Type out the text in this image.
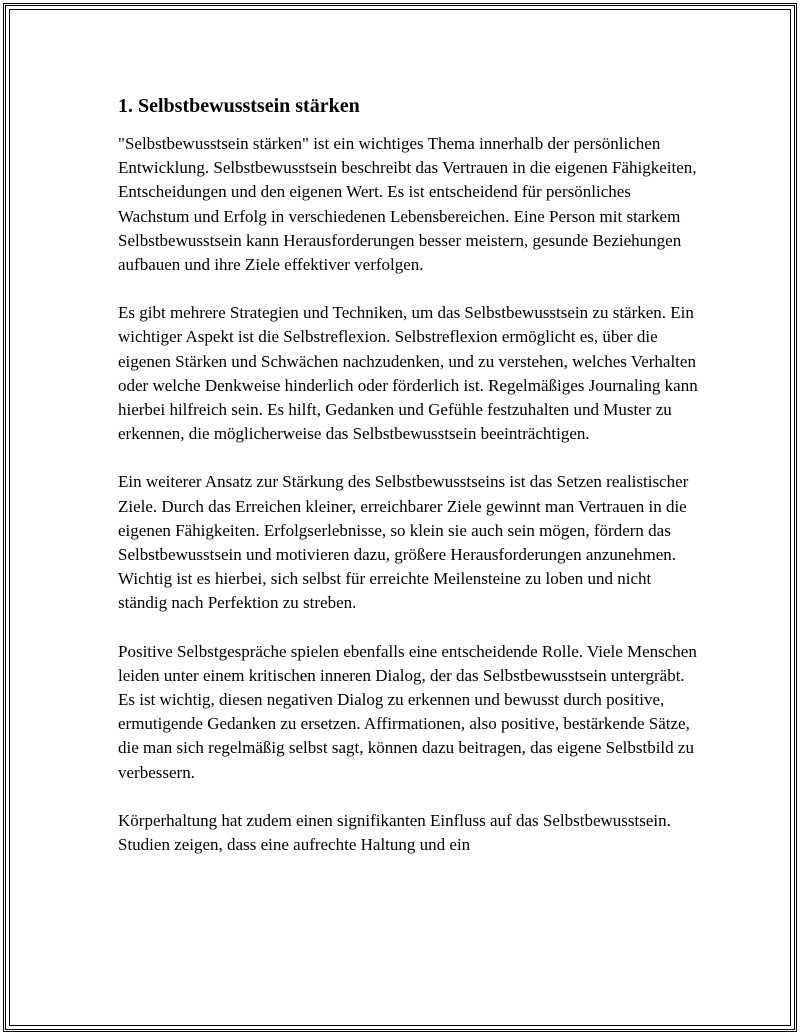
1. Selbstbewusstsein stärken

"Selbstbewusstsein stärken" ist ein wichtiges Thema innerhalb der persönlichen Entwicklung. Selbstbewusstsein beschreibt das Vertrauen in die eigenen Fähigkeiten, Entscheidungen und den eigenen Wert. Es ist entscheidend für persönliches Wachstum und Erfolg in verschiedenen Lebensbereichen. Eine Person mit starkem Selbstbewusstsein kann Herausforderungen besser meistern, gesunde Beziehungen aufbauen und ihre Ziele effektiver verfolgen.

Es gibt mehrere Strategien und Techniken, um das Selbstbewusstsein zu stärken. Ein wichtiger Aspekt ist die Selbstreflexion. Selbstreflexion ermöglicht es, über die eigenen Stärken und Schwächen nachzudenken, und zu verstehen, welches Verhalten oder welche Denkweise hinderlich oder förderlich ist. Regelmäßiges Journaling kann hierbei hilfreich sein. Es hilft, Gedanken und Gefühle festzuhalten und Muster zu erkennen, die möglicherweise das Selbstbewusstsein beeinträchtigen.

Ein weiterer Ansatz zur Stärkung des Selbstbewusstseins ist das Setzen realistischer Ziele. Durch das Erreichen kleiner, erreichbarer Ziele gewinnt man Vertrauen in die eigenen Fähigkeiten. Erfolgserlebnisse, so klein sie auch sein mögen, fördern das Selbstbewusstsein und motivieren dazu, größere Herausforderungen anzunehmen. Wichtig ist es hierbei, sich selbst für erreichte Meilensteine zu loben und nicht ständig nach Perfektion zu streben.

Positive Selbstgespräche spielen ebenfalls eine entscheidende Rolle. Viele Menschen leiden unter einem kritischen inneren Dialog, der das Selbstbewusstsein untergräbt. Es ist wichtig, diesen negativen Dialog zu erkennen und bewusst durch positive, ermutigende Gedanken zu ersetzen. Affirmationen, also positive, bestärkende Sätze, die man sich regelmäßig selbst sagt, können dazu beitragen, das eigene Selbstbild zu verbessern.

Körperhaltung hat zudem einen signifikanten Einfluss auf das Selbstbewusstsein. Studien zeigen, dass eine aufrechte Haltung und ein
